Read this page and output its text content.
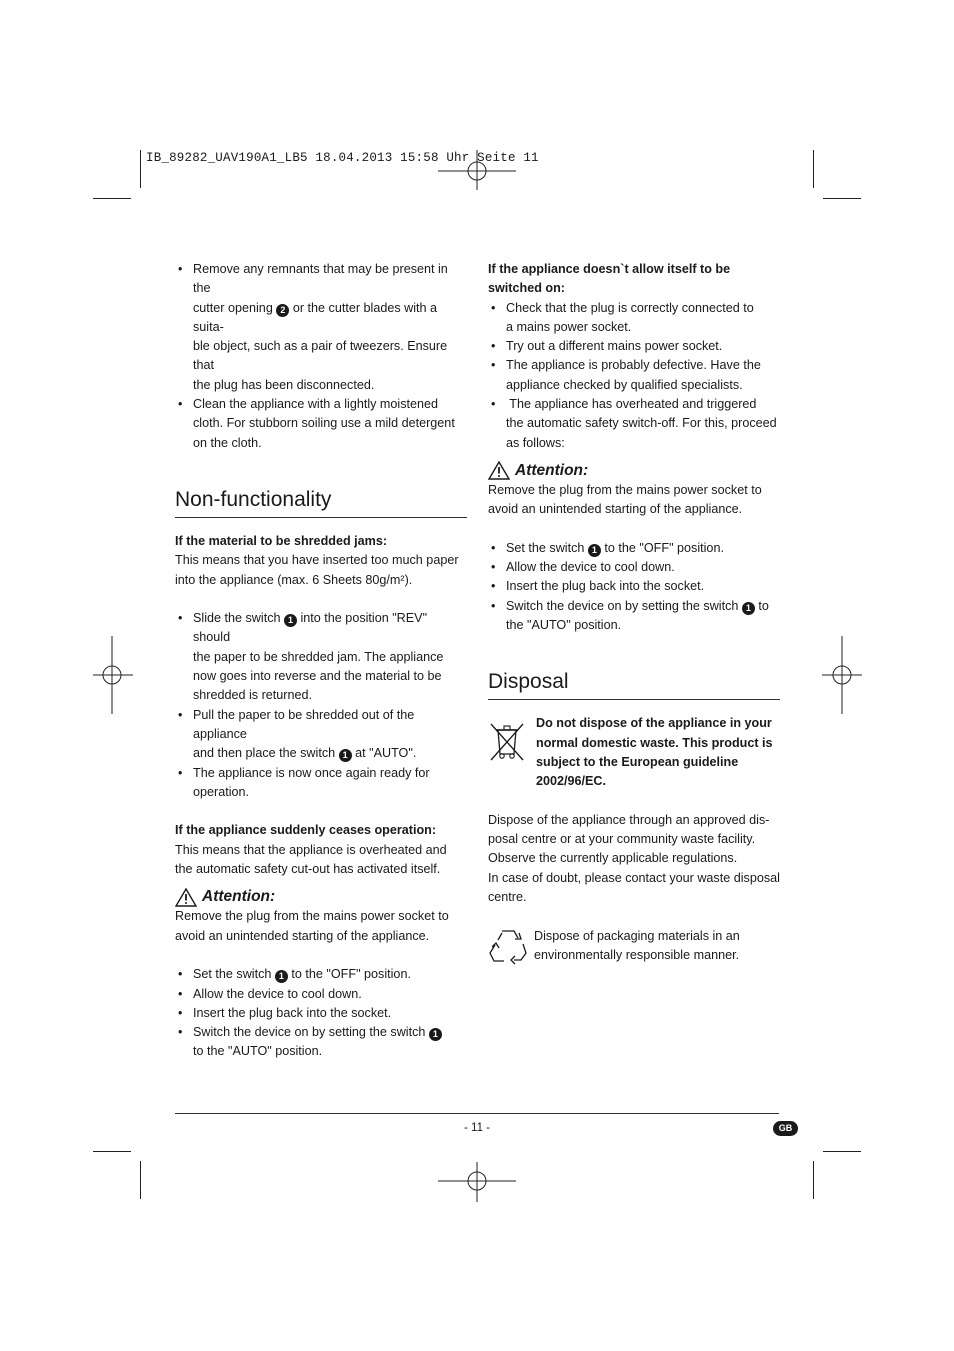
IB_89282_UAV190A1_LB5 18.04.2013 15:58 Uhr Seite 11
• Remove any remnants that may be present in the
cutter opening 2 or the cutter blades with a suita-
ble object, such as a pair of tweezers. Ensure that
the plug has been disconnected.
• Clean the appliance with a lightly moistened
cloth. For stubborn soiling use a mild detergent
on the cloth.
Non-functionality

If the material to be shredded jams:

This means that you have inserted too much paper
into the appliance (max. 6 Sheets 80g/m²).

• Slide the switch 1 into the position "REV" should
the paper to be shredded jam. The appliance
now goes into reverse and the material to be
shredded is returned.
• Pull the paper to be shredded out of the appliance
and then place the switch 1 at "AUTO".
• The appliance is now once again ready for
operation.

If the appliance suddenly ceases operation:

This means that the appliance is overheated and
the automatic safety cut-out has activated itself.

Attention:

Remove the plug from the mains power socket to
avoid an unintended starting of the appliance.

• Set the switch 1 to the "OFF" position.
• Allow the device to cool down.
• Insert the plug back into the socket.
• Switch the device on by setting the switch 1
to the "AUTO" position.

If the appliance doesn`t allow itself to be
switched on:

• Check that the plug is correctly connected to
a mains power socket.
• Try out a different mains power socket.
• The appliance is probably defective. Have the
appliance checked by qualified specialists.
•  The appliance has overheated and triggered
the automatic safety switch-off. For this, proceed
as follows:
Attention:

Remove the plug from the mains power socket to
avoid an unintended starting of the appliance.

• Set the switch 1 to the "OFF" position.
• Allow the device to cool down.
• Insert the plug back into the socket.
• Switch the device on by setting the switch 1 to
the "AUTO" position.
Disposal

Do not dispose of the appliance in your
normal domestic waste. This product is
subject to the European guideline
2002/96/EC.

Dispose of the appliance through an approved dis-
posal centre or at your community waste facility.
Observe the currently applicable regulations.
In case of doubt, please contact your waste disposal
centre.

Dispose of packaging materials in an
environmentally responsible manner.

- 11 -	GB
